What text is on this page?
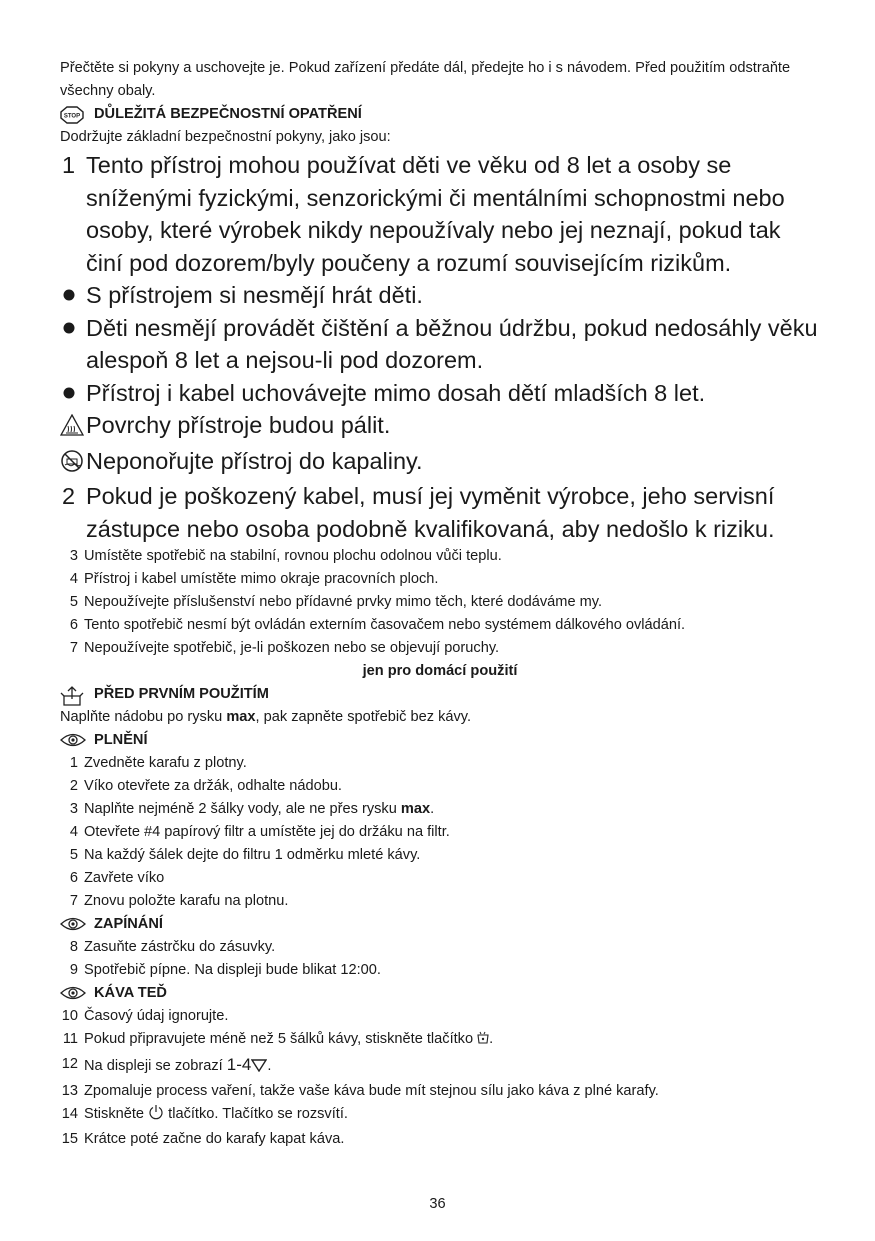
Přečtěte si pokyny a uschovejte je. Pokud zařízení předáte dál, předejte ho i s návodem. Před použitím odstraňte všechny obaly.

STOP DŮLEŽITÁ BEZPEČNOSTNÍ OPATŘENÍ
Dodržujte základní bezpečnostní pokyny, jako jsou:
1 Tento přístroj mohou používat děti ve věku od 8 let a osoby se sníženými fyzickými, senzorickými či mentálními schopnostmi nebo osoby, které výrobek nikdy nepoužívaly nebo jej neznají, pokud tak činí pod dozorem/byly poučeny a rozumí souvisejícím rizikům.
S přístrojem si nesmějí hrát děti.
Děti nesmějí provádět čištění a běžnou údržbu, pokud nedosáhly věku alespoň 8 let a nejsou-li pod dozorem.
Přístroj i kabel uchovávejte mimo dosah dětí mladších 8 let.
Povrchy přístroje budou pálit.
Neponořujte přístroj do kapaliny.
2 Pokud je poškozený kabel, musí jej vyměnit výrobce, jeho servisní zástupce nebo osoba podobně kvalifikovaná, aby nedošlo k riziku.
3 Umístěte spotřebič na stabilní, rovnou plochu odolnou vůči teplu.
4 Přístroj i kabel umístěte mimo okraje pracovních ploch.
5 Nepoužívejte příslušenství nebo přídavné prvky mimo těch, které dodáváme my.
6 Tento spotřebič nesmí být ovládán externím časovačem nebo systémem dálkového ovládání.
7 Nepoužívejte spotřebič, je-li poškozen nebo se objevují poruchy.
jen pro domácí použití
PŘED PRVNÍM POUŽITÍM
Naplňte nádobu po rysku max, pak zapněte spotřebič bez kávy.
PLNĚNÍ
1 Zvedněte karafu z plotny.
2 Víko otevřete za držák, odhalte nádobu.
3 Naplňte nejméně 2 šálky vody, ale ne přes rysku max.
4 Otevřete #4 papírový filtr a umístěte jej do držáku na filtr.
5 Na každý šálek dejte do filtru 1 odměrku mleté kávy.
6 Zavřete víko
7 Znovu položte karafu na plotnu.
ZAPÍNÁNÍ
8 Zasuňte zástrčku do zásuvky.
9 Spotřebič pípne. Na displeji bude blikat 12:00.
KÁVA TEĎ
10 Časový údaj ignorujte.
11 Pokud připravujete méně než 5 šálků kávy, stiskněte tlačítko .
12 Na displeji se zobrazí 1-4 .
13 Zpomaluje process vaření, takže vaše káva bude mít stejnou sílu jako káva z plné karafy.
14 Stiskněte tlačítko. Tlačítko se rozsvítí.
15 Krátce poté začne do karafy kapat káva.
36
